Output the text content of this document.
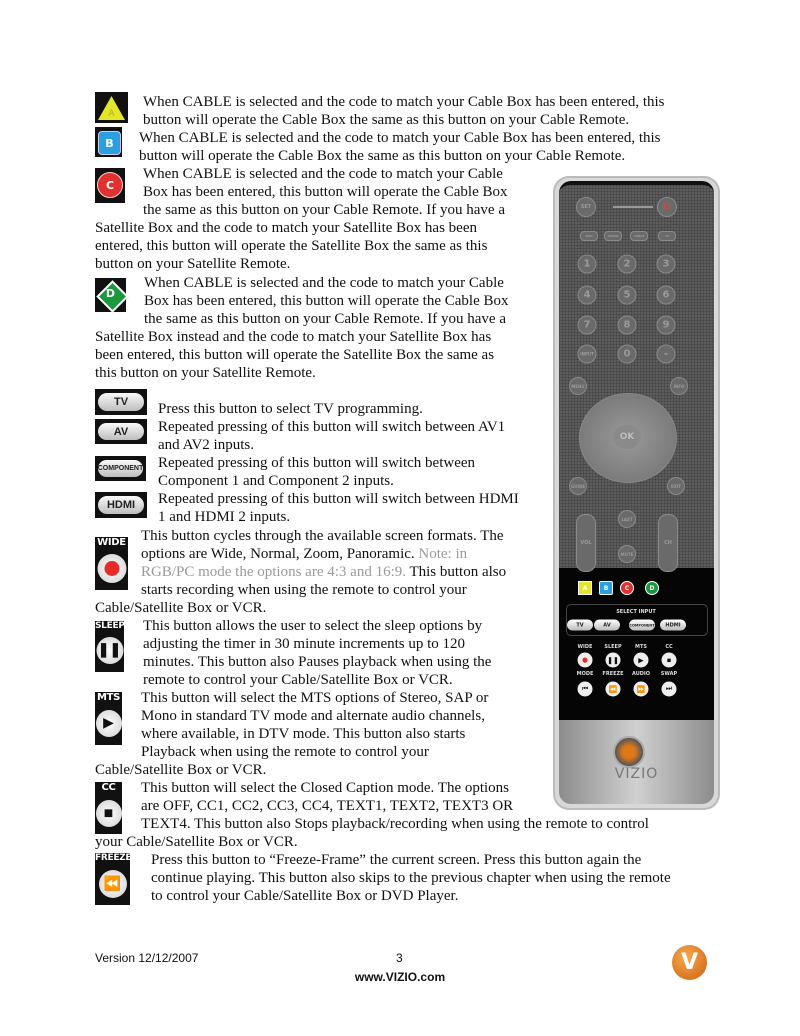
A
B
C
D
TV
AV
COMPONENT
HDMI
WIDE
SLEEP
❚❚
MTS
▶
CC
■
FREEZE
⏪
When CABLE is selected and the code to match your Cable Box has been entered, this
button will operate the Cable Box the same as this button on your Cable Remote.
When CABLE is selected and the code to match your Cable Box has been entered, this
button will operate the Cable Box the same as this button on your Cable Remote.
When CABLE is selected and the code to match your Cable
Box has been entered, this button will operate the Cable Box
the same as this button on your Cable Remote. If you have a
Satellite Box and the code to match your Satellite Box has been
entered, this button will operate the Satellite Box the same as this
button on your Satellite Remote.
When CABLE is selected and the code to match your Cable
Box has been entered, this button will operate the Cable Box
the same as this button on your Cable Remote. If you have a
Satellite Box instead and the code to match your Satellite Box has
been entered, this button will operate the Satellite Box the same as
this button on your Satellite Remote.
Press this button to select TV programming.
Repeated pressing of this button will switch between AV1
and AV2 inputs.
Repeated pressing of this button will switch between
Component 1 and Component 2 inputs.
Repeated pressing of this button will switch between HDMI
1 and HDMI 2 inputs.
This button cycles through the available screen formats. The
options are Wide, Normal, Zoom, Panoramic. Note: in
RGB/PC mode the options are 4:3 and 16:9. This button also
starts recording when using the remote to control your
Cable/Satellite Box or VCR.
This button allows the user to select the sleep options by
adjusting the timer in 30 minute increments up to 120
minutes. This button also Pauses playback when using the
remote to control your Cable/Satellite Box or VCR.
This button will select the MTS options of Stereo, SAP or
Mono in standard TV mode and alternate audio channels,
where available, in DTV mode. This button also starts
Playback when using the remote to control your
Cable/Satellite Box or VCR.
This button will select the Closed Caption mode. The options
are OFF, CC1, CC2, CC3, CC4, TEXT1, TEXT2, TEXT3 OR
TEXT4. This button also Stops playback/recording when using the remote to control
your Cable/Satellite Box or VCR.
Press this button to “Freeze-Frame” the current screen. Press this button again the
continue playing. This button also skips to the previous chapter when using the remote
to control your Cable/Satellite Box or DVD Player.
SET	⏻
MENU	INFO
OK
GUIDE	EXIT
VOL	CH
LAST
MUTE
SELECT INPUT
VIZIO
DVD	AUDIO	CABLE	TV
1	2	3
4	5	6
7	8	9
INPUT	0	-
A	B	C	D
TV	AV	COMPONENT	HDMI
WIDE
●
MODE
⏮
SLEEP
❚❚
FREEZE
⏪
MTS
▶
AUDIO
⏩
CC
■
SWAP
⏭
Version 12/12/2007	3
www.VIZIO.com
V
